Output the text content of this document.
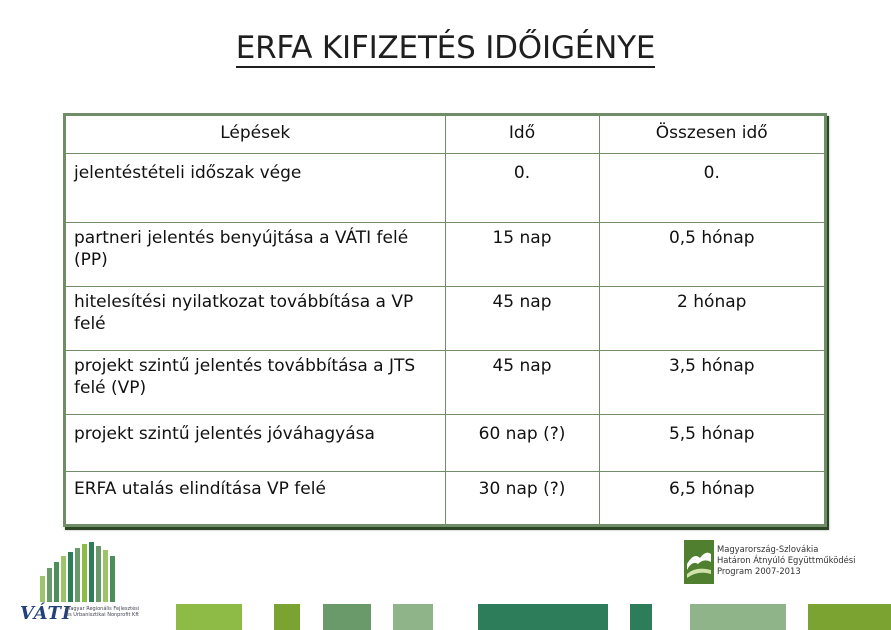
ERFA KIFIZETÉS IDŐIGÉNYE
Lépések	Idő	Összesen idő
jelentéstételi időszak vége	0.	0.
partneri jelentés benyújtása a VÁTI felé (PP)	15 nap	0,5 hónap
hitelesítési nyilatkozat továbbítása a VP felé	45 nap	2 hónap
projekt szintű jelentés továbbítása a JTS felé (VP)	45 nap	3,5 hónap
projekt szintű jelentés jóváhagyása	60 nap (?)	5,5 hónap
ERFA utalás elindítása VP felé	30 nap (?)	6,5 hónap
VÁTI
Magyar Regionális Fejlesztési
és Urbanisztikai Nonprofit Kft
Magyarország-Szlovákia
Határon Átnyúló Együttműködési
Program 2007-2013
